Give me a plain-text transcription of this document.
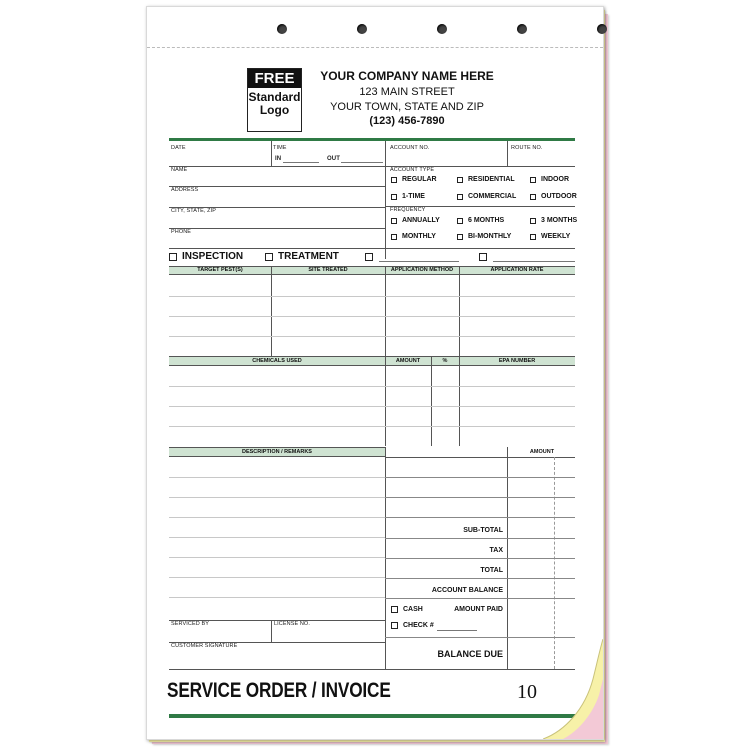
FREE
Standard
Logo
YOUR COMPANY NAME HERE
123 MAIN STREET
YOUR TOWN, STATE AND ZIP
(123) 456-7890
DATE	TIME
IN	OUT
ACCOUNT NO.	ROUTE NO.
NAME
ADDRESS
CITY, STATE, ZIP
PHONE
ACCOUNT TYPE
REGULAR	RESIDENTIAL	INDOOR
1-TIME	COMMERCIAL	OUTDOOR
FREQUENCY
ANNUALLY	6 MONTHS	3 MONTHS
MONTHLY	BI-MONTHLY	WEEKLY
INSPECTION	TREATMENT
TARGET PEST(S)	SITE TREATED	APPLICATION METHOD	APPLICATION RATE
CHEMICALS USED	AMOUNT	%	EPA NUMBER
DESCRIPTION / REMARKS	AMOUNT
SUB-TOTAL
TAX
TOTAL
ACCOUNT BALANCE
CASH	AMOUNT PAID
CHECK #
BALANCE DUE
SERVICED BY	LICENSE NO.
CUSTOMER SIGNATURE
SERVICE ORDER / INVOICE	10
